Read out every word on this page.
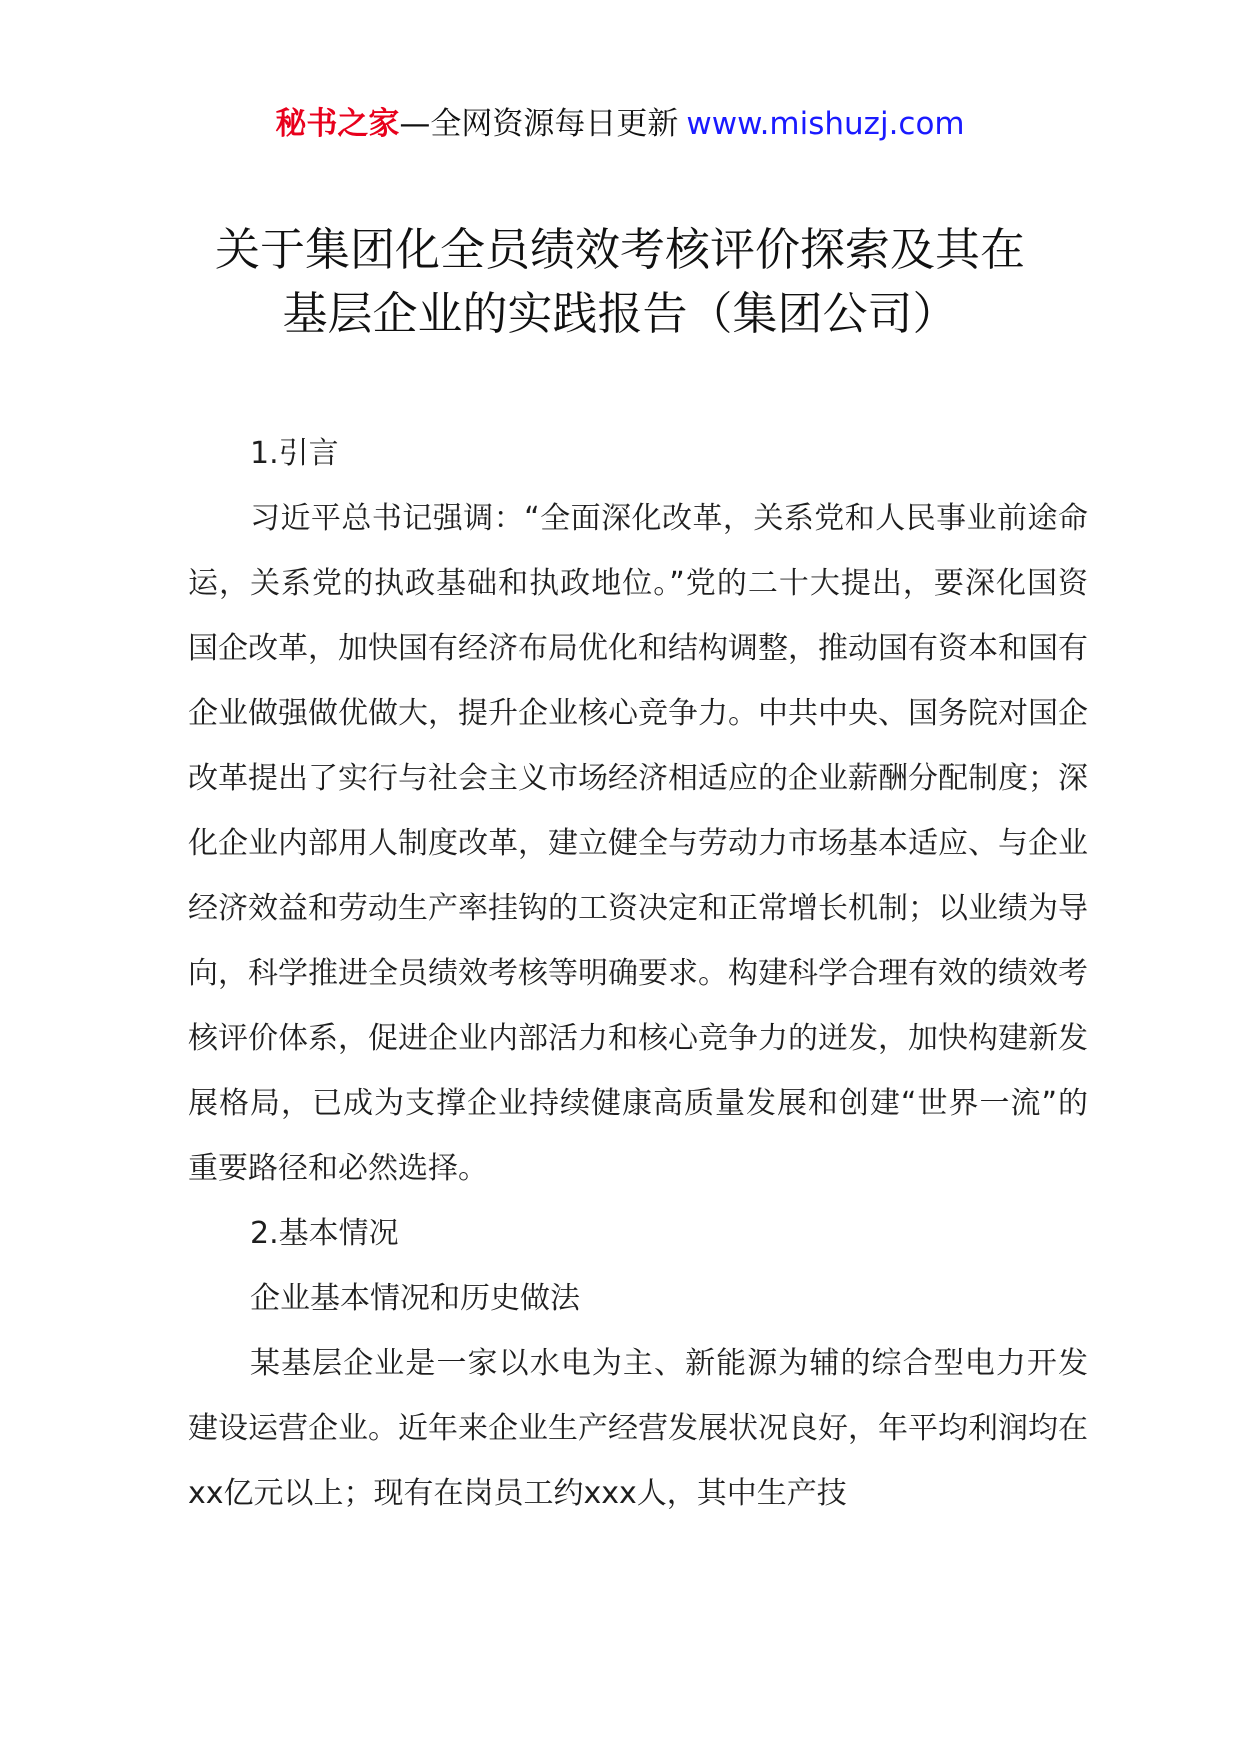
秘书之家—全网资源每日更新 www.mishuzj.com
关于集团化全员绩效考核评价探索及其在
基层企业的实践报告（集团公司）

1.引言

习近平总书记强调：“全面深化改革，关系党和人民事业前途命运，关系党的执政基础和执政地位。”党的二十大提出，要深化国资国企改革，加快国有经济布局优化和结构调整，推动国有资本和国有企业做强做优做大，提升企业核心竞争力。中共中央、国务院对国企改革提出了实行与社会主义市场经济相适应的企业薪酬分配制度；深化企业内部用人制度改革，建立健全与劳动力市场基本适应、与企业经济效益和劳动生产率挂钩的工资决定和正常增长机制；以业绩为导向，科学推进全员绩效考核等明确要求。构建科学合理有效的绩效考核评价体系，促进企业内部活力和核心竞争力的迸发，加快构建新发展格局，已成为支撑企业持续健康高质量发展和创建“世界一流”的重要路径和必然选择。

2.基本情况

企业基本情况和历史做法

某基层企业是一家以水电为主、新能源为辅的综合型电力开发建设运营企业。近年来企业生产经营发展状况良好，年平均利润均在xx亿元以上；现有在岗员工约xxx人，其中生产技
